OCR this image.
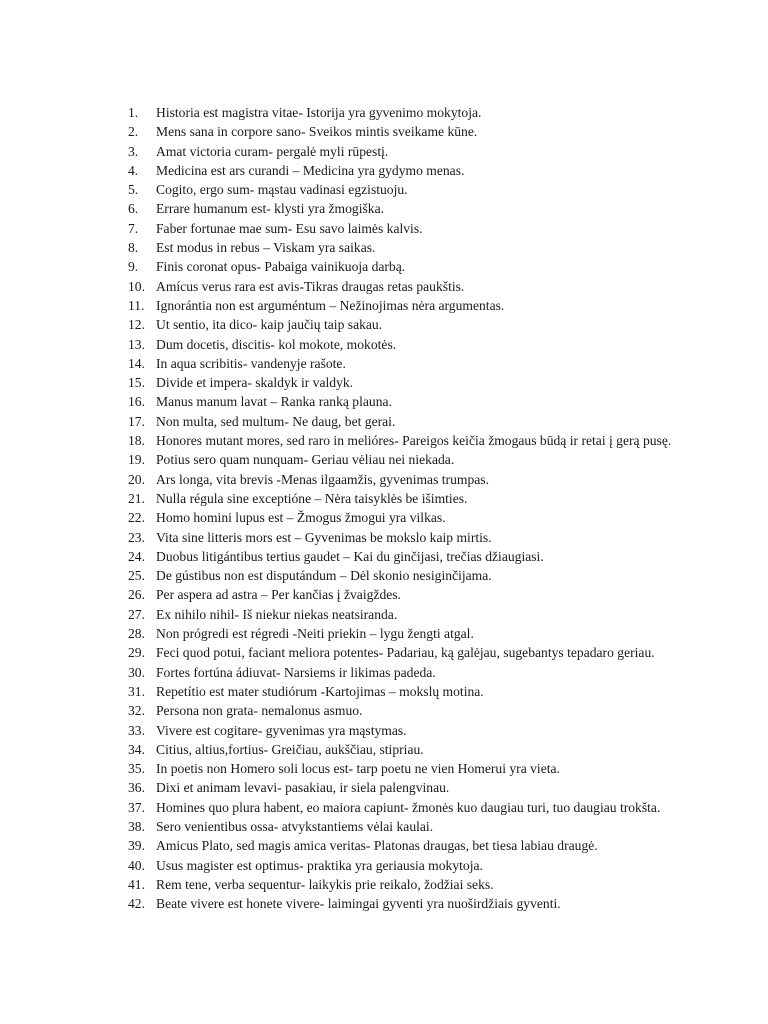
1.	Historia est magistra vitae- Istorija yra gyvenimo mokytoja.
2.	Mens sana in corpore sano- Sveikos mintis sveikame kūne.
3.	Amat victoria curam- pergalė myli rūpestį.
4.	Medicina est ars curandi – Medicina yra gydymo menas.
5.	Cogito, ergo sum- mąstau vadinasi egzistuoju.
6.	Errare humanum est- klysti yra žmogiška.
7.	Faber fortunae mae sum- Esu savo laimės kalvis.
8.	Est modus in rebus – Viskam yra saikas.
9.	Finis coronat opus- Pabaiga vainikuoja darbą.
10. Amícus verus rara est avis-Tikras draugas retas paukštis.
11. Ignorántia non est arguméntum – Nežinojimas nėra argumentas.
12. Ut sentio, ita dico- kaip jaučių taip sakau.
13. Dum docetis, discitis- kol mokote, mokotės.
14. In aqua scribitis- vandenyje rašote.
15. Divide et impera- skaldyk ir valdyk.
16. Manus manum lavat – Ranka ranką plauna.
17. Non multa, sed multum- Ne daug, bet gerai.
18. Honores mutant mores, sed raro in melióres- Pareigos keičia žmogaus būdą ir retai į gerą pusę.
19. Potius sero quam nunquam- Geriau vėliau nei niekada.
20. Ars longa, vita brevis -Menas ilgaamžis, gyvenimas trumpas.
21. Nulla régula sine exceptióne – Nėra taisyklės be išimties.
22. Homo homini lupus est – Žmogus žmogui yra vilkas.
23. Vita sine litteris mors est – Gyvenimas be mokslo kaip mirtis.
24. Duobus litigántibus tertius gaudet – Kai du ginčijasi, trečias džiaugiasi.
25. De gústibus non est disputándum – Dėl skonio nesiginčijama.
26. Per aspera ad astra – Per kančias į žvaigždes.
27. Ex nihilo nihil- Iš niekur niekas neatsiranda.
28. Non prógredi est régredi -Neiti priekin – lygu žengti atgal.
29. Feci quod potui, faciant meliora potentes- Padariau, ką galėjau, sugebantys tepadaro geriau.
30. Fortes fortúna ádiuvat- Narsiems ir likimas padeda.
31. Repetítio est mater studiórum -Kartojimas – mokslų motina.
32. Persona non grata- nemalonus asmuo.
33. Vivere est cogitare- gyvenimas yra mąstymas.
34. Citius, altius,fortius- Greičiau, aukščiau, stipriau.
35. In poetis non Homero soli locus est- tarp poetu ne vien Homerui yra vieta.
36. Dixi et animam levavi- pasakiau, ir siela palengvinau.
37. Homines quo plura habent, eo maiora capiunt- žmonės kuo daugiau turi, tuo daugiau trokšta.
38. Sero venientibus ossa- atvykstantiems vėlai kaulai.
39. Amicus Plato, sed magis amica veritas- Platonas draugas, bet tiesa labiau draugė.
40. Usus magister est optimus- praktika yra geriausia mokytoja.
41. Rem tene, verba sequentur- laikykis prie reikalo, žodžiai seks.
42. Beate vivere est honete vivere- laimingai gyventi yra nuoširdžiais gyventi.
